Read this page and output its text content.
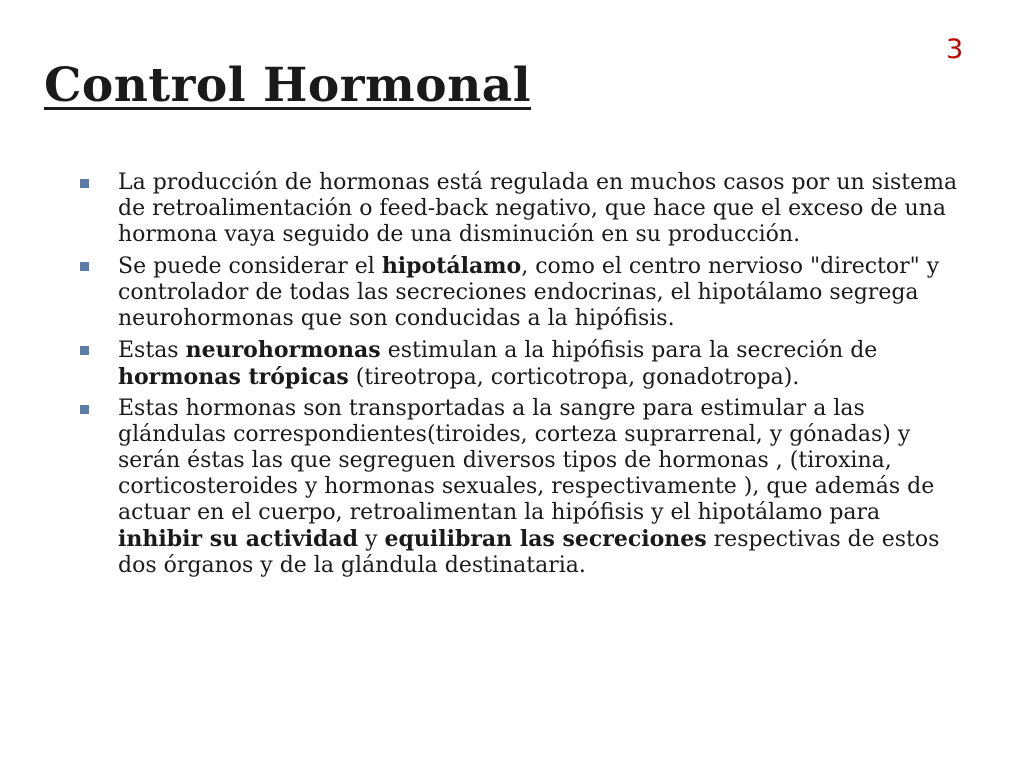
3
Control Hormonal
La producción de hormonas está regulada en muchos casos por un sistema de retroalimentación o feed-back negativo, que hace que el exceso de una hormona vaya seguido de una disminución en su producción.
Se puede considerar el hipotálamo, como el centro nervioso "director" y controlador de todas las secreciones endocrinas, el hipotálamo segrega neurohormonas que son conducidas a la hipófisis.
Estas neurohormonas estimulan a la hipófisis para la secreción de hormonas trópicas (tireotropa, corticotropa, gonadotropa).
Estas hormonas son transportadas a la sangre para estimular a las glándulas correspondientes(tiroides, corteza suprarrenal, y gónadas) y serán éstas las que segreguen diversos tipos de hormonas , (tiroxina, corticosteroides y hormonas sexuales, respectivamente ), que además de actuar en el cuerpo, retroalimentan la hipófisis y el hipotálamo para inhibir su actividad y equilibran las secreciones respectivas de estos dos órganos y de la glándula destinataria.
